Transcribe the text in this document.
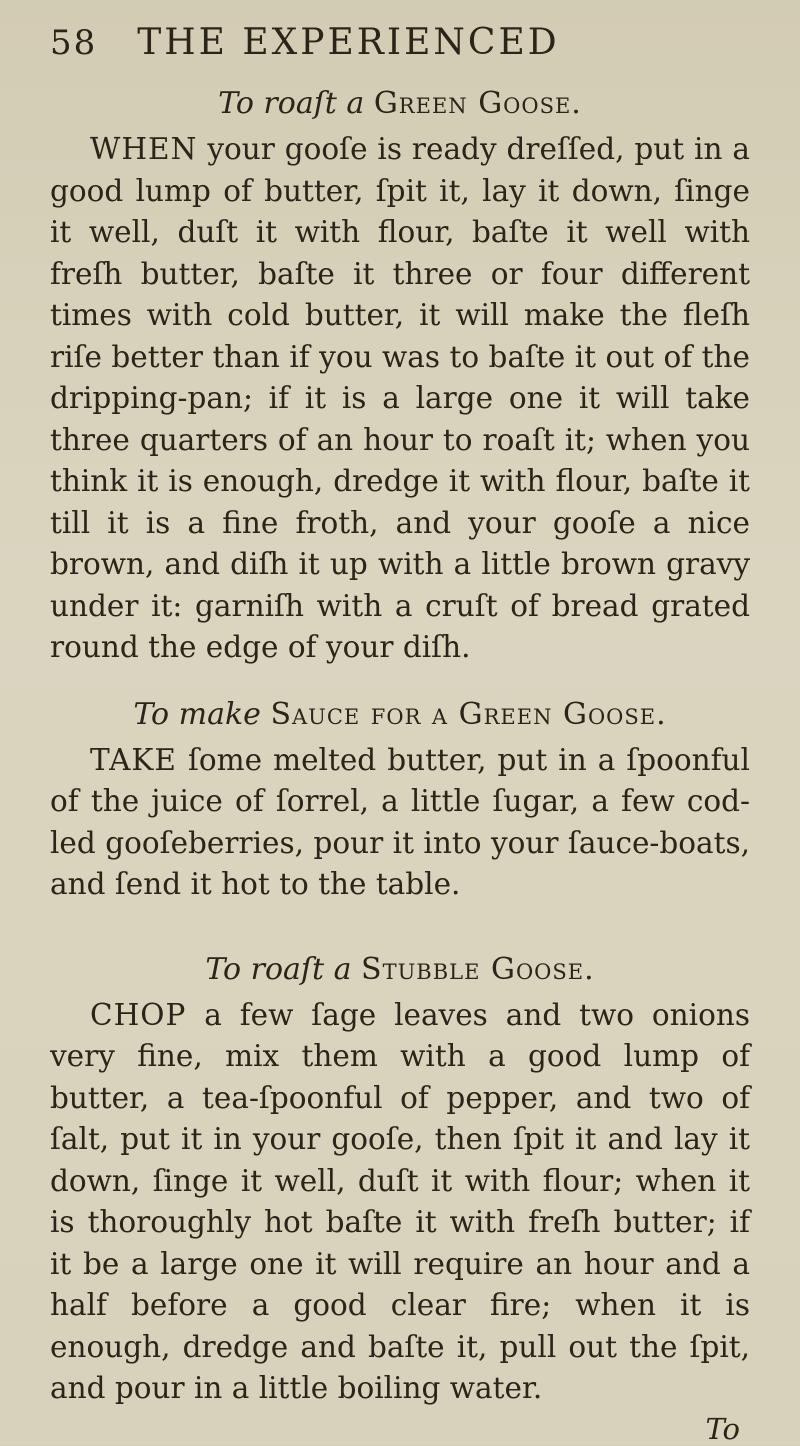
58 THE EXPERIENCED
To roaſt a Green Gooſe.

WHEN your gooſe is ready dreſſed, put in a good lump of butter, ſpit it, lay it down, ſinge it well, duſt it with flour, baſte it well with freſh butter, baſte it three or four different times with cold butter, it will make the fleſh riſe better than if you was to baſte it out of the dripping-pan; if it is a large one it will take three quarters of an hour to roaſt it; when you think it is enough, dredge it with flour, baſte it till it is a fine froth, and your gooſe a nice brown, and diſh it up with a little brown gravy under it: garniſh with a cruſt of bread grated round the edge of your diſh.

To make Sauce for a Green Gooſe.

TAKE ſome melted butter, put in a ſpoonful of the juice of ſorrel, a little ſugar, a few cod-led gooſeberries, pour it into your ſauce-boats, and ſend it hot to the table.

To roaſt a Stubble Gooſe.

CHOP a few ſage leaves and two onions very fine, mix them with a good lump of butter, a tea-ſpoonful of pepper, and two of ſalt, put it in your gooſe, then ſpit it and lay it down, ſinge it well, duſt it with flour; when it is thoroughly hot baſte it with freſh butter; if it be a large one it will require an hour and a half before a good clear fire; when it is enough, dredge and baſte it, pull out the ſpit, and pour in a little boiling water.

To
